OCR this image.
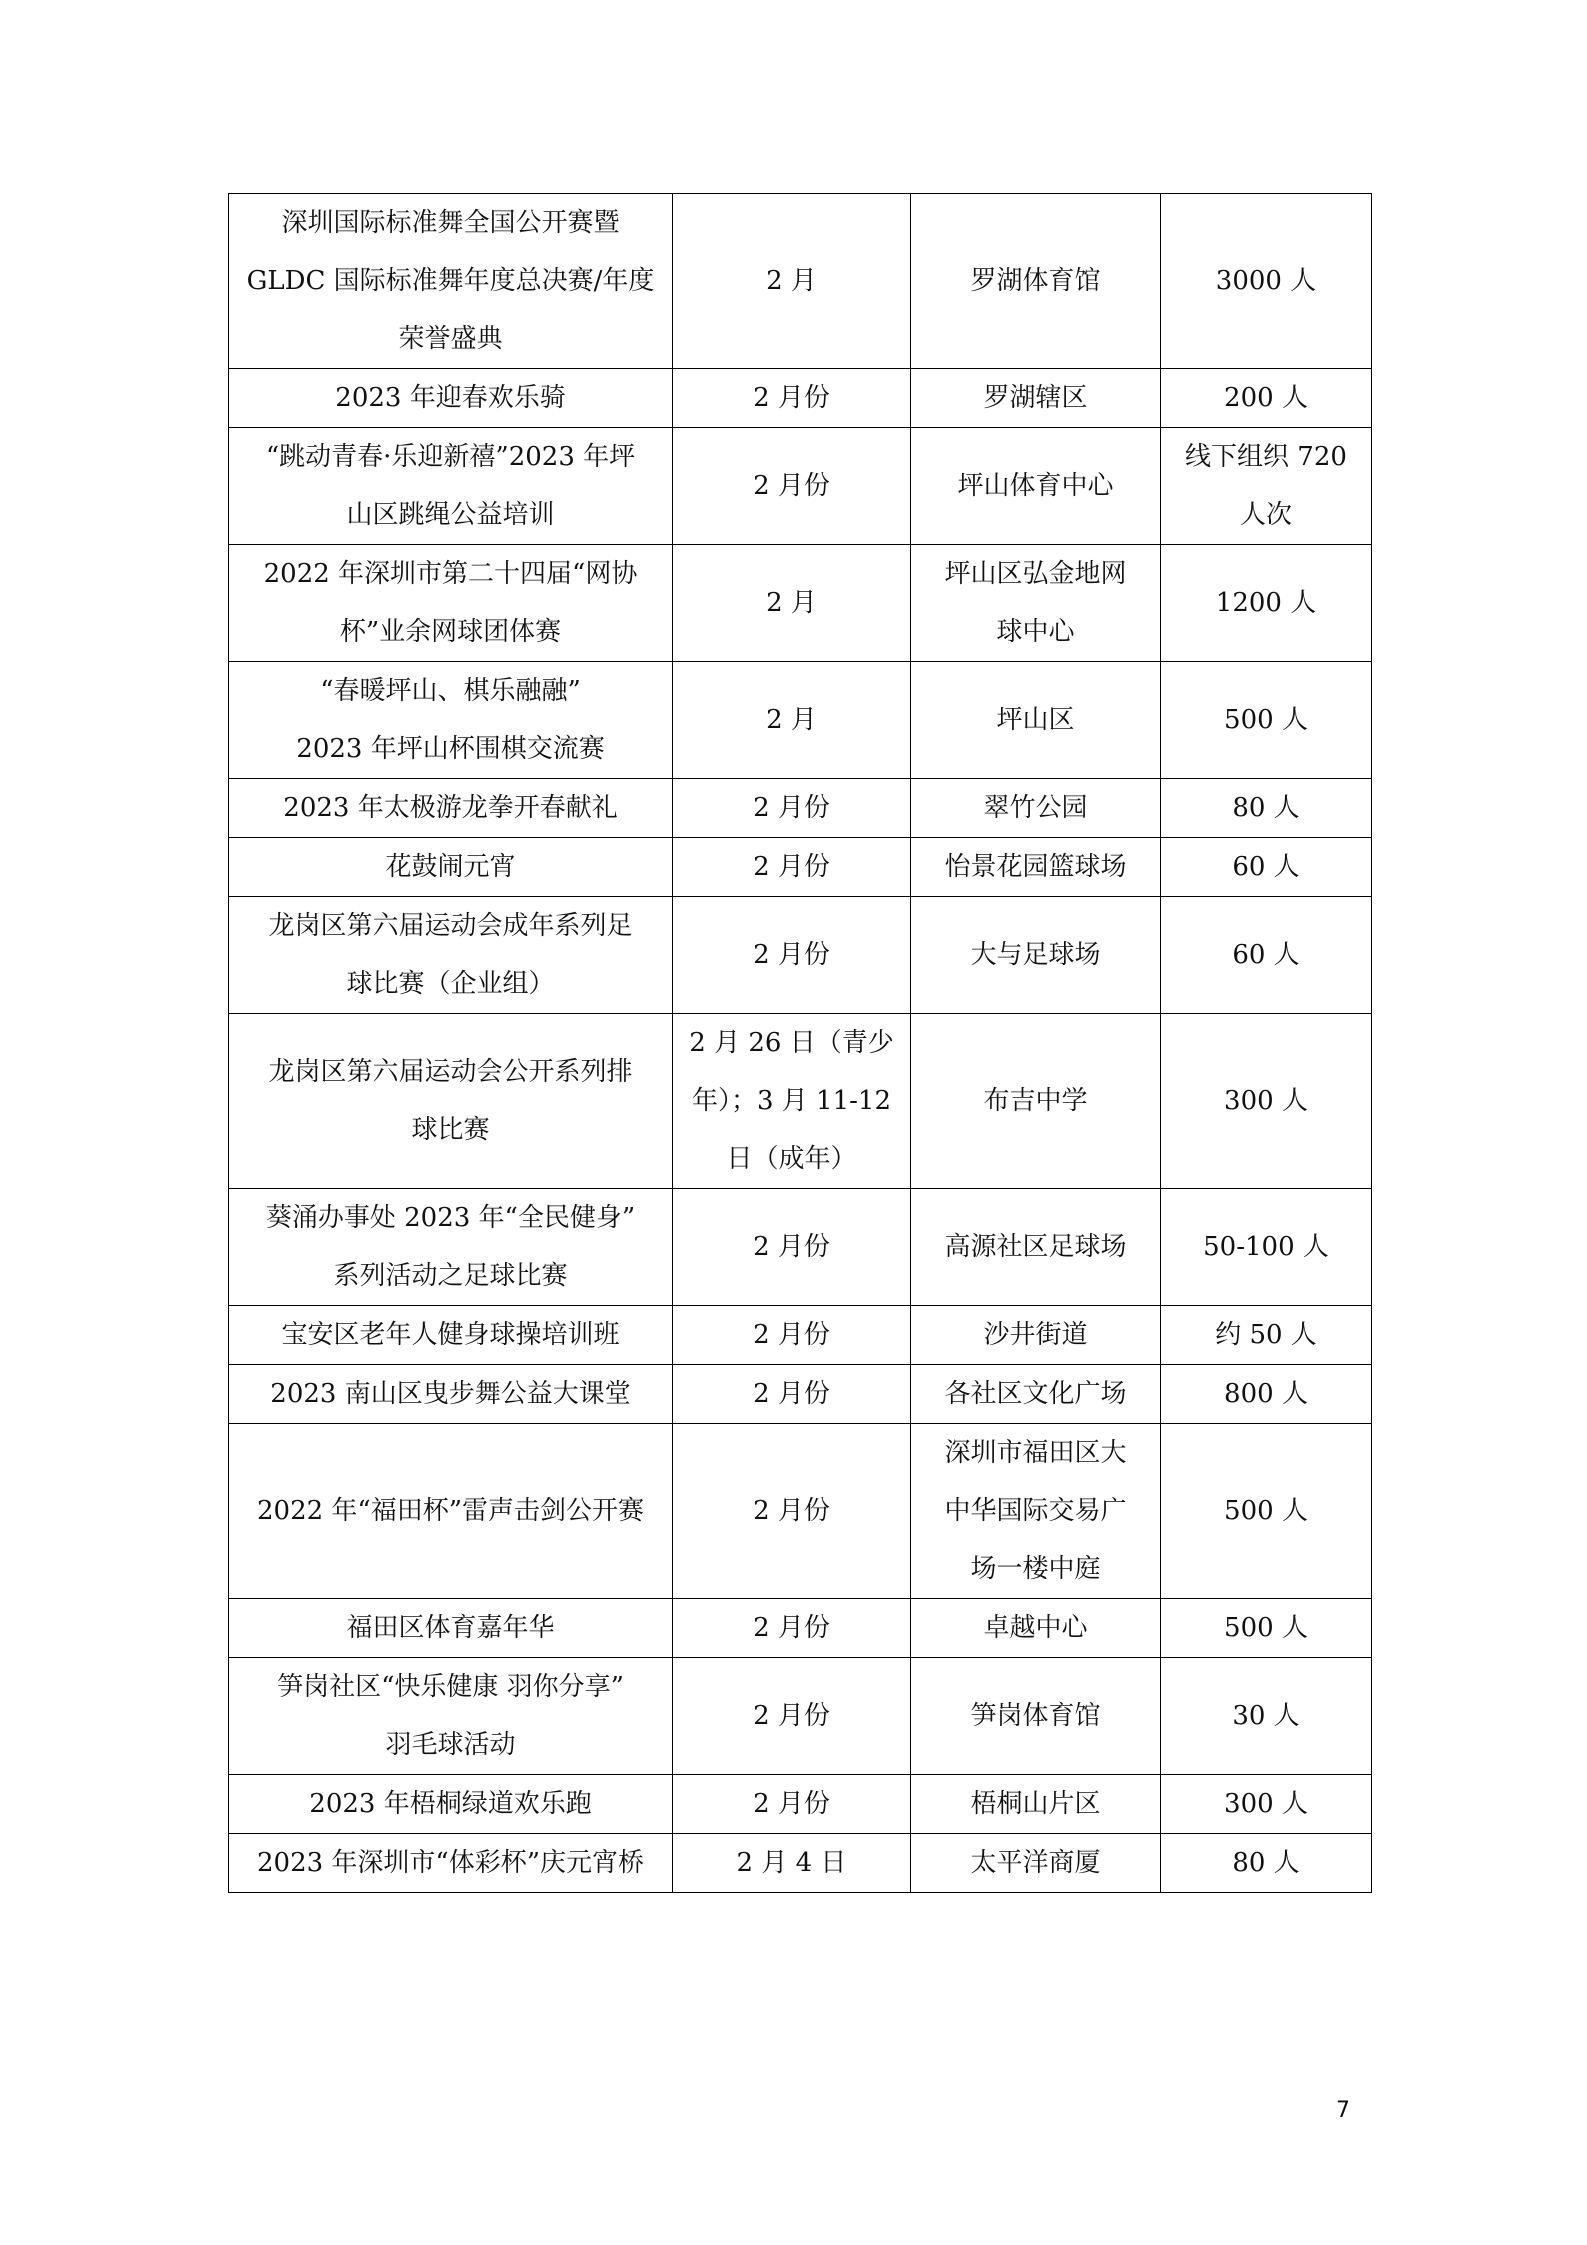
深圳国际标准舞全国公开赛暨
GLDC 国际标准舞年度总决赛/年度
荣誉盛典	2 月	罗湖体育馆	3000 人

2023 年迎春欢乐骑	2 月份	罗湖辖区	200 人

“跳动青春·乐迎新禧”2023 年坪
山区跳绳公益培训	2 月份	坪山体育中心	线下组织 720
人次

2022 年深圳市第二十四届“网协
杯”业余网球团体赛	2 月	坪山区弘金地网
球中心	1200 人

“春暖坪山、棋乐融融”
2023 年坪山杯围棋交流赛	2 月	坪山区	500 人

2023 年太极游龙拳开春献礼	2 月份	翠竹公园	80 人

花鼓闹元宵	2 月份	怡景花园篮球场	60 人

龙岗区第六届运动会成年系列足
球比赛（企业组）	2 月份	大与足球场	60 人

龙岗区第六届运动会公开系列排
球比赛	2 月 26 日（青少
年）；3 月 11-12
日（成年）	布吉中学	300 人

葵涌办事处 2023 年“全民健身”
系列活动之足球比赛	2 月份	高源社区足球场	50-100 人

宝安区老年人健身球操培训班	2 月份	沙井街道	约 50 人

2023 南山区曳步舞公益大课堂	2 月份	各社区文化广场	800 人

2022 年“福田杯”雷声击剑公开赛	2 月份	深圳市福田区大
中华国际交易广
场一楼中庭	500 人

福田区体育嘉年华	2 月份	卓越中心	500 人

笋岗社区“快乐健康 羽你分享”
羽毛球活动	2 月份	笋岗体育馆	30 人

2023 年梧桐绿道欢乐跑	2 月份	梧桐山片区	300 人

2023 年深圳市“体彩杯”庆元宵桥	2 月 4 日	太平洋商厦	80 人
7
